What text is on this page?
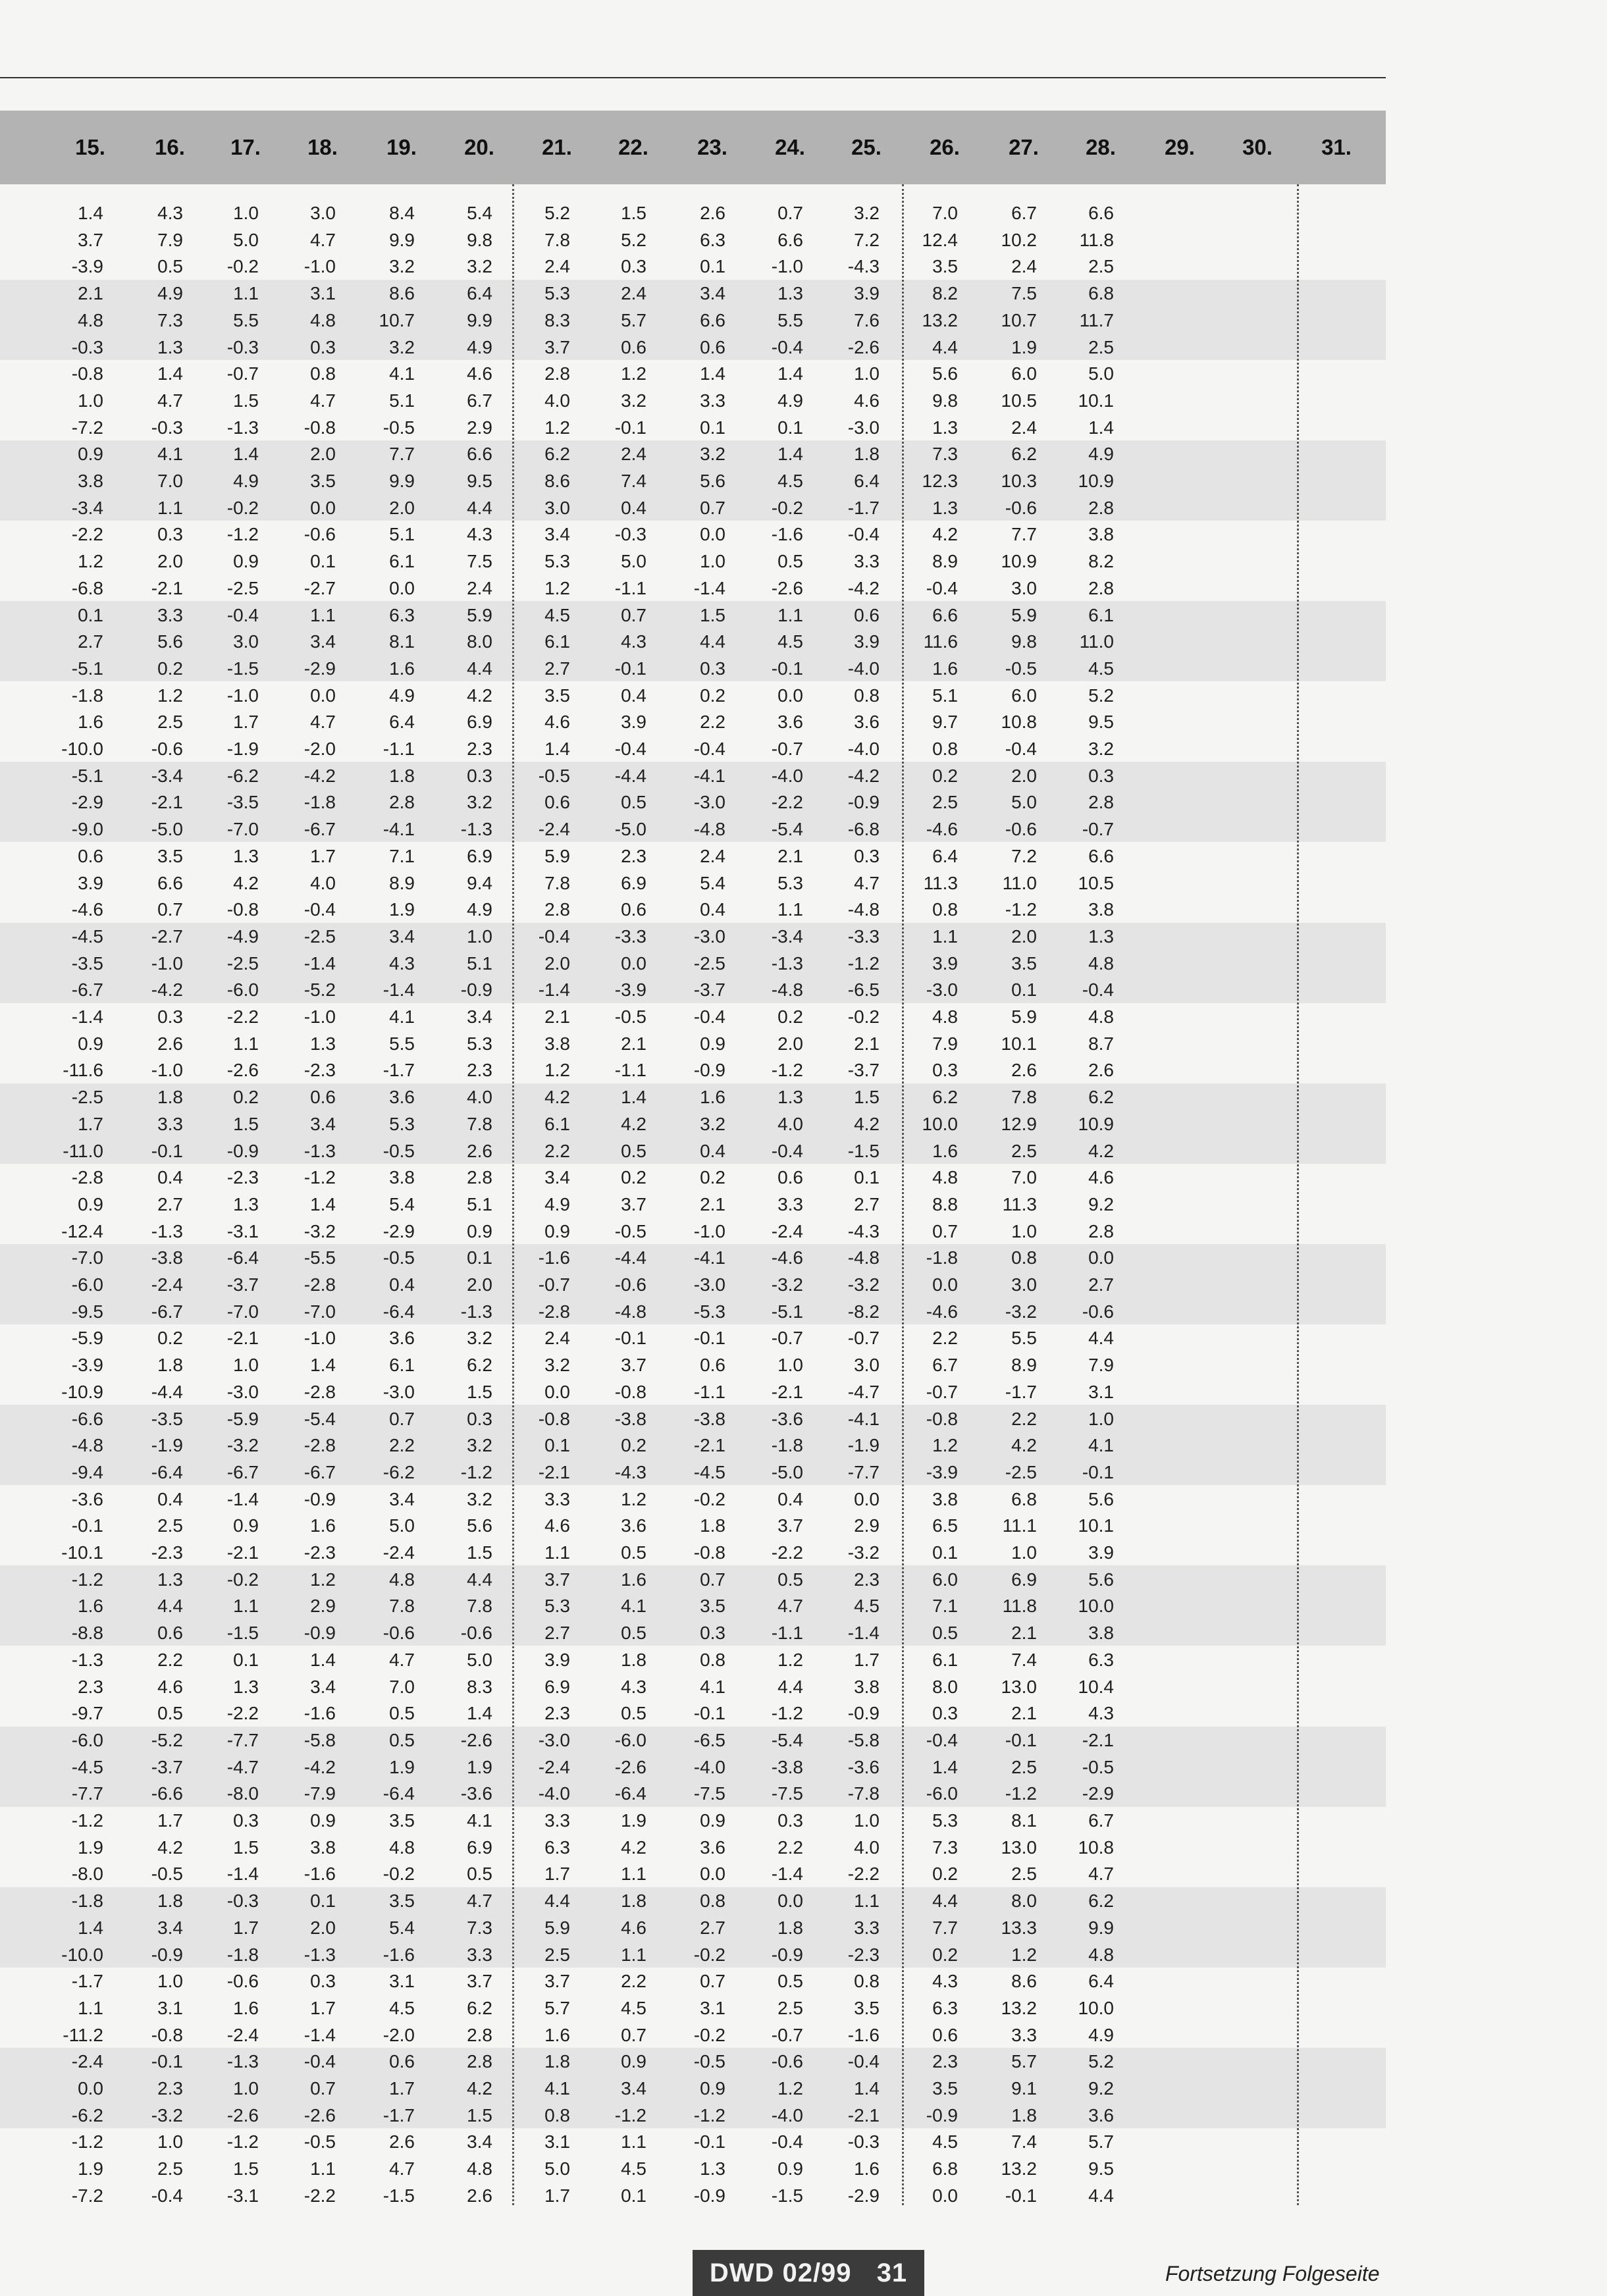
15.	16.	17.	18.	19.	20.	21.	22.	23.	24.	25.	26.	27.	28.	29.	30.	31.
1.4	4.3	1.0	3.0	8.4	5.4	5.2	1.5	2.6	0.7	3.2	7.0	6.7	6.6
3.7	7.9	5.0	4.7	9.9	9.8	7.8	5.2	6.3	6.6	7.2	12.4	10.2	11.8
-3.9	0.5	-0.2	-1.0	3.2	3.2	2.4	0.3	0.1	-1.0	-4.3	3.5	2.4	2.5
2.1	4.9	1.1	3.1	8.6	6.4	5.3	2.4	3.4	1.3	3.9	8.2	7.5	6.8
4.8	7.3	5.5	4.8	10.7	9.9	8.3	5.7	6.6	5.5	7.6	13.2	10.7	11.7
-0.3	1.3	-0.3	0.3	3.2	4.9	3.7	0.6	0.6	-0.4	-2.6	4.4	1.9	2.5
-0.8	1.4	-0.7	0.8	4.1	4.6	2.8	1.2	1.4	1.4	1.0	5.6	6.0	5.0
1.0	4.7	1.5	4.7	5.1	6.7	4.0	3.2	3.3	4.9	4.6	9.8	10.5	10.1
-7.2	-0.3	-1.3	-0.8	-0.5	2.9	1.2	-0.1	0.1	0.1	-3.0	1.3	2.4	1.4
0.9	4.1	1.4	2.0	7.7	6.6	6.2	2.4	3.2	1.4	1.8	7.3	6.2	4.9
3.8	7.0	4.9	3.5	9.9	9.5	8.6	7.4	5.6	4.5	6.4	12.3	10.3	10.9
-3.4	1.1	-0.2	0.0	2.0	4.4	3.0	0.4	0.7	-0.2	-1.7	1.3	-0.6	2.8
-2.2	0.3	-1.2	-0.6	5.1	4.3	3.4	-0.3	0.0	-1.6	-0.4	4.2	7.7	3.8
1.2	2.0	0.9	0.1	6.1	7.5	5.3	5.0	1.0	0.5	3.3	8.9	10.9	8.2
-6.8	-2.1	-2.5	-2.7	0.0	2.4	1.2	-1.1	-1.4	-2.6	-4.2	-0.4	3.0	2.8
0.1	3.3	-0.4	1.1	6.3	5.9	4.5	0.7	1.5	1.1	0.6	6.6	5.9	6.1
2.7	5.6	3.0	3.4	8.1	8.0	6.1	4.3	4.4	4.5	3.9	11.6	9.8	11.0
-5.1	0.2	-1.5	-2.9	1.6	4.4	2.7	-0.1	0.3	-0.1	-4.0	1.6	-0.5	4.5
-1.8	1.2	-1.0	0.0	4.9	4.2	3.5	0.4	0.2	0.0	0.8	5.1	6.0	5.2
1.6	2.5	1.7	4.7	6.4	6.9	4.6	3.9	2.2	3.6	3.6	9.7	10.8	9.5
-10.0	-0.6	-1.9	-2.0	-1.1	2.3	1.4	-0.4	-0.4	-0.7	-4.0	0.8	-0.4	3.2
-5.1	-3.4	-6.2	-4.2	1.8	0.3	-0.5	-4.4	-4.1	-4.0	-4.2	0.2	2.0	0.3
-2.9	-2.1	-3.5	-1.8	2.8	3.2	0.6	0.5	-3.0	-2.2	-0.9	2.5	5.0	2.8
-9.0	-5.0	-7.0	-6.7	-4.1	-1.3	-2.4	-5.0	-4.8	-5.4	-6.8	-4.6	-0.6	-0.7
0.6	3.5	1.3	1.7	7.1	6.9	5.9	2.3	2.4	2.1	0.3	6.4	7.2	6.6
3.9	6.6	4.2	4.0	8.9	9.4	7.8	6.9	5.4	5.3	4.7	11.3	11.0	10.5
-4.6	0.7	-0.8	-0.4	1.9	4.9	2.8	0.6	0.4	1.1	-4.8	0.8	-1.2	3.8
-4.5	-2.7	-4.9	-2.5	3.4	1.0	-0.4	-3.3	-3.0	-3.4	-3.3	1.1	2.0	1.3
-3.5	-1.0	-2.5	-1.4	4.3	5.1	2.0	0.0	-2.5	-1.3	-1.2	3.9	3.5	4.8
-6.7	-4.2	-6.0	-5.2	-1.4	-0.9	-1.4	-3.9	-3.7	-4.8	-6.5	-3.0	0.1	-0.4
-1.4	0.3	-2.2	-1.0	4.1	3.4	2.1	-0.5	-0.4	0.2	-0.2	4.8	5.9	4.8
0.9	2.6	1.1	1.3	5.5	5.3	3.8	2.1	0.9	2.0	2.1	7.9	10.1	8.7
-11.6	-1.0	-2.6	-2.3	-1.7	2.3	1.2	-1.1	-0.9	-1.2	-3.7	0.3	2.6	2.6
-2.5	1.8	0.2	0.6	3.6	4.0	4.2	1.4	1.6	1.3	1.5	6.2	7.8	6.2
1.7	3.3	1.5	3.4	5.3	7.8	6.1	4.2	3.2	4.0	4.2	10.0	12.9	10.9
-11.0	-0.1	-0.9	-1.3	-0.5	2.6	2.2	0.5	0.4	-0.4	-1.5	1.6	2.5	4.2
-2.8	0.4	-2.3	-1.2	3.8	2.8	3.4	0.2	0.2	0.6	0.1	4.8	7.0	4.6
0.9	2.7	1.3	1.4	5.4	5.1	4.9	3.7	2.1	3.3	2.7	8.8	11.3	9.2
-12.4	-1.3	-3.1	-3.2	-2.9	0.9	0.9	-0.5	-1.0	-2.4	-4.3	0.7	1.0	2.8
-7.0	-3.8	-6.4	-5.5	-0.5	0.1	-1.6	-4.4	-4.1	-4.6	-4.8	-1.8	0.8	0.0
-6.0	-2.4	-3.7	-2.8	0.4	2.0	-0.7	-0.6	-3.0	-3.2	-3.2	0.0	3.0	2.7
-9.5	-6.7	-7.0	-7.0	-6.4	-1.3	-2.8	-4.8	-5.3	-5.1	-8.2	-4.6	-3.2	-0.6
-5.9	0.2	-2.1	-1.0	3.6	3.2	2.4	-0.1	-0.1	-0.7	-0.7	2.2	5.5	4.4
-3.9	1.8	1.0	1.4	6.1	6.2	3.2	3.7	0.6	1.0	3.0	6.7	8.9	7.9
-10.9	-4.4	-3.0	-2.8	-3.0	1.5	0.0	-0.8	-1.1	-2.1	-4.7	-0.7	-1.7	3.1
-6.6	-3.5	-5.9	-5.4	0.7	0.3	-0.8	-3.8	-3.8	-3.6	-4.1	-0.8	2.2	1.0
-4.8	-1.9	-3.2	-2.8	2.2	3.2	0.1	0.2	-2.1	-1.8	-1.9	1.2	4.2	4.1
-9.4	-6.4	-6.7	-6.7	-6.2	-1.2	-2.1	-4.3	-4.5	-5.0	-7.7	-3.9	-2.5	-0.1
-3.6	0.4	-1.4	-0.9	3.4	3.2	3.3	1.2	-0.2	0.4	0.0	3.8	6.8	5.6
-0.1	2.5	0.9	1.6	5.0	5.6	4.6	3.6	1.8	3.7	2.9	6.5	11.1	10.1
-10.1	-2.3	-2.1	-2.3	-2.4	1.5	1.1	0.5	-0.8	-2.2	-3.2	0.1	1.0	3.9
-1.2	1.3	-0.2	1.2	4.8	4.4	3.7	1.6	0.7	0.5	2.3	6.0	6.9	5.6
1.6	4.4	1.1	2.9	7.8	7.8	5.3	4.1	3.5	4.7	4.5	7.1	11.8	10.0
-8.8	0.6	-1.5	-0.9	-0.6	-0.6	2.7	0.5	0.3	-1.1	-1.4	0.5	2.1	3.8
-1.3	2.2	0.1	1.4	4.7	5.0	3.9	1.8	0.8	1.2	1.7	6.1	7.4	6.3
2.3	4.6	1.3	3.4	7.0	8.3	6.9	4.3	4.1	4.4	3.8	8.0	13.0	10.4
-9.7	0.5	-2.2	-1.6	0.5	1.4	2.3	0.5	-0.1	-1.2	-0.9	0.3	2.1	4.3
-6.0	-5.2	-7.7	-5.8	0.5	-2.6	-3.0	-6.0	-6.5	-5.4	-5.8	-0.4	-0.1	-2.1
-4.5	-3.7	-4.7	-4.2	1.9	1.9	-2.4	-2.6	-4.0	-3.8	-3.6	1.4	2.5	-0.5
-7.7	-6.6	-8.0	-7.9	-6.4	-3.6	-4.0	-6.4	-7.5	-7.5	-7.8	-6.0	-1.2	-2.9
-1.2	1.7	0.3	0.9	3.5	4.1	3.3	1.9	0.9	0.3	1.0	5.3	8.1	6.7
1.9	4.2	1.5	3.8	4.8	6.9	6.3	4.2	3.6	2.2	4.0	7.3	13.0	10.8
-8.0	-0.5	-1.4	-1.6	-0.2	0.5	1.7	1.1	0.0	-1.4	-2.2	0.2	2.5	4.7
-1.8	1.8	-0.3	0.1	3.5	4.7	4.4	1.8	0.8	0.0	1.1	4.4	8.0	6.2
1.4	3.4	1.7	2.0	5.4	7.3	5.9	4.6	2.7	1.8	3.3	7.7	13.3	9.9
-10.0	-0.9	-1.8	-1.3	-1.6	3.3	2.5	1.1	-0.2	-0.9	-2.3	0.2	1.2	4.8
-1.7	1.0	-0.6	0.3	3.1	3.7	3.7	2.2	0.7	0.5	0.8	4.3	8.6	6.4
1.1	3.1	1.6	1.7	4.5	6.2	5.7	4.5	3.1	2.5	3.5	6.3	13.2	10.0
-11.2	-0.8	-2.4	-1.4	-2.0	2.8	1.6	0.7	-0.2	-0.7	-1.6	0.6	3.3	4.9
-2.4	-0.1	-1.3	-0.4	0.6	2.8	1.8	0.9	-0.5	-0.6	-0.4	2.3	5.7	5.2
0.0	2.3	1.0	0.7	1.7	4.2	4.1	3.4	0.9	1.2	1.4	3.5	9.1	9.2
-6.2	-3.2	-2.6	-2.6	-1.7	1.5	0.8	-1.2	-1.2	-4.0	-2.1	-0.9	1.8	3.6
-1.2	1.0	-1.2	-0.5	2.6	3.4	3.1	1.1	-0.1	-0.4	-0.3	4.5	7.4	5.7
1.9	2.5	1.5	1.1	4.7	4.8	5.0	4.5	1.3	0.9	1.6	6.8	13.2	9.5
-7.2	-0.4	-3.1	-2.2	-1.5	2.6	1.7	0.1	-0.9	-1.5	-2.9	0.0	-0.1	4.4
Fortsetzung Folgeseite
DWD 02/99 31
